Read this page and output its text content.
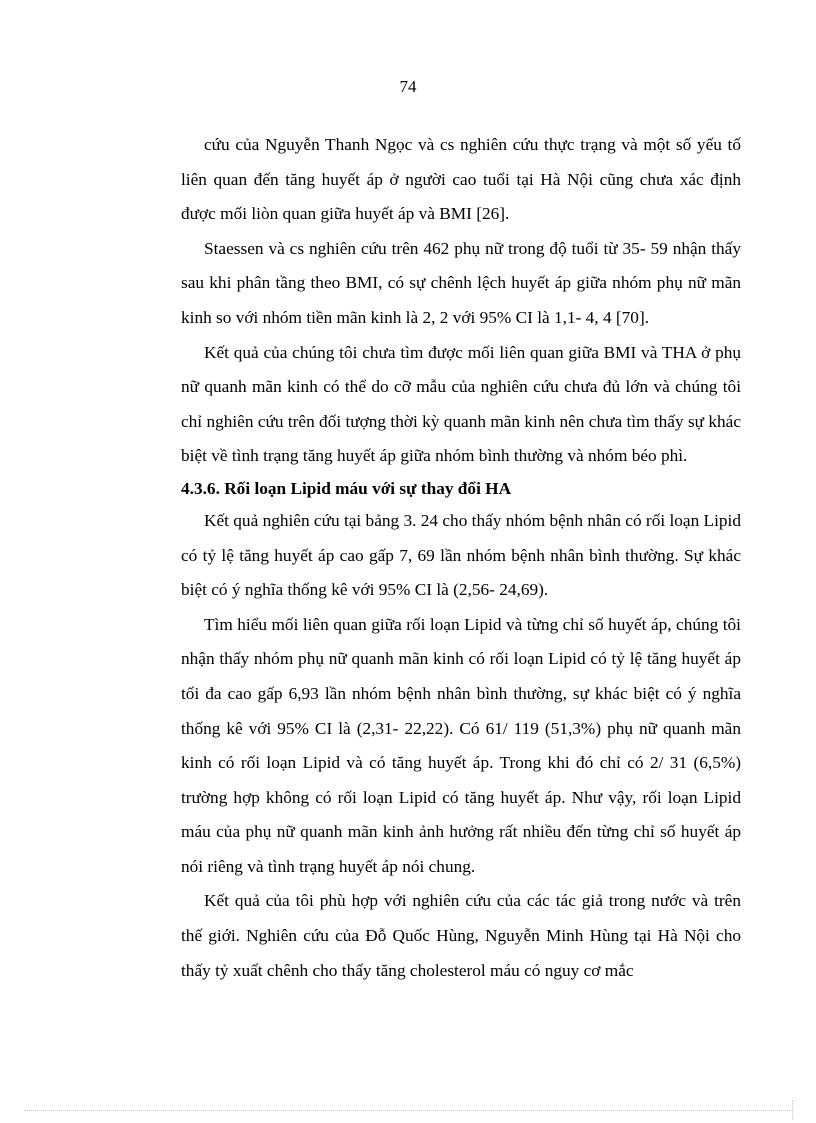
74

cứu của Nguyễn Thanh Ngọc và cs nghiên cứu thực trạng và một số yếu tố liên quan đến tăng huyết áp ở người cao tuổi tại Hà Nội cũng chưa xác định được mối liòn quan giữa huyết áp và BMI [26].

Staessen và cs nghiên cứu trên 462 phụ nữ trong độ tuổi từ 35- 59 nhận thấy sau khi phân tầng theo BMI, có sự chênh lệch huyết áp giữa nhóm phụ nữ mãn kinh so với nhóm tiền mãn kinh là 2, 2 với 95% CI là 1,1- 4, 4 [70].

Kết quả của chúng tôi chưa tìm được mối liên quan giữa BMI và THA ở phụ nữ quanh mãn kinh có thể do cỡ mẫu của nghiên cứu chưa đủ lớn và chúng tôi chỉ nghiên cứu trên đối tượng thời kỳ quanh mãn kinh nên chưa tìm thấy sự khác biệt về tình trạng tăng huyết áp giữa nhóm bình thường và nhóm béo phì.

4.3.6. Rối loạn Lipid máu với sự thay đổi HA

Kết quả nghiên cứu tại bảng 3. 24 cho thấy nhóm bệnh nhân có rối loạn Lipid có tỷ lệ tăng huyết áp cao gấp 7, 69 lần nhóm bệnh nhân bình thường. Sự khác biệt có ý nghĩa thống kê với 95% CI là (2,56- 24,69).

Tìm hiểu mối liên quan giữa rối loạn Lipid và từng chỉ số huyết áp, chúng tôi nhận thấy nhóm phụ nữ quanh mãn kinh có rối loạn Lipid có tỷ lệ tăng huyết áp tối đa cao gấp 6,93 lần nhóm bệnh nhân bình thường, sự khác biệt có ý nghĩa thống kê với 95% CI là (2,31- 22,22). Có 61/ 119 (51,3%) phụ nữ quanh mãn kinh có rối loạn Lipid và có tăng huyết áp. Trong khi đó chỉ có 2/ 31 (6,5%) trường hợp không có rối loạn Lipid có tăng huyết áp. Như vậy, rối loạn Lipid máu của phụ nữ quanh mãn kinh ảnh hưởng rất nhiều đến từng chỉ số huyết áp nói riêng và tình trạng huyết áp nói chung.

Kết quả của tôi phù hợp với nghiên cứu của các tác giả trong nước và trên thế giới. Nghiên cứu của Đỗ Quốc Hùng, Nguyễn Minh Hùng tại Hà Nội cho thấy tỷ xuất chênh cho thấy tăng cholesterol máu có nguy cơ mắc
